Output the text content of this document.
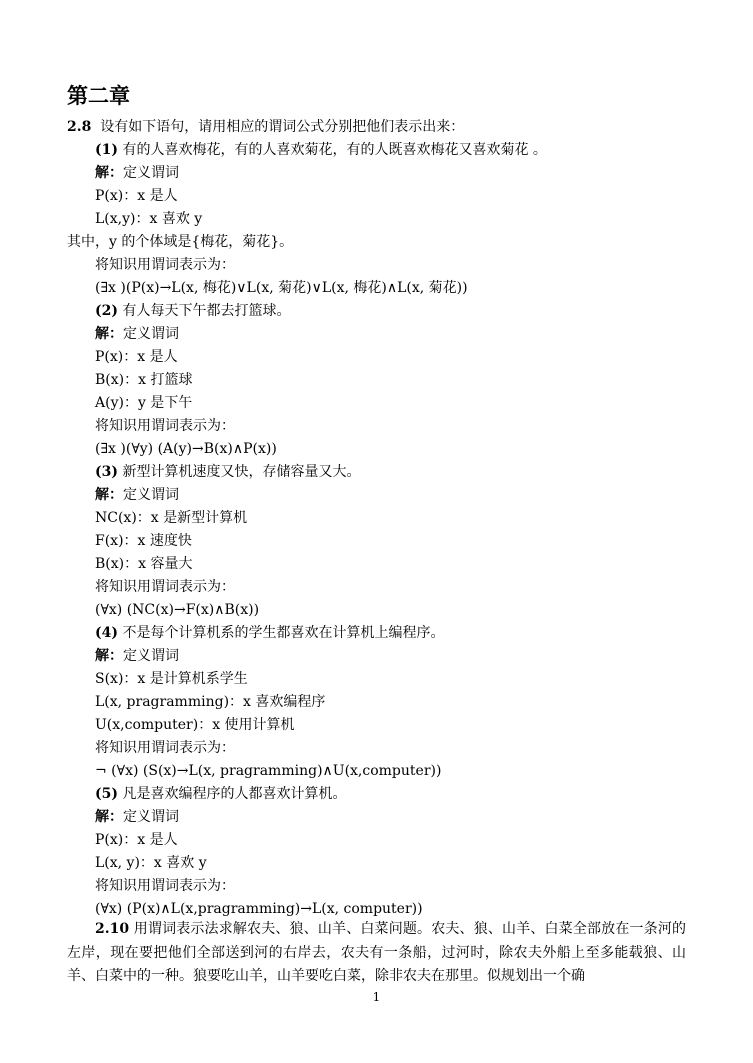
第二章
2.8 设有如下语句，请用相应的谓词公式分别把他们表示出来：
(1) 有的人喜欢梅花，有的人喜欢菊花，有的人既喜欢梅花又喜欢菊花 。
解：定义谓词
P(x)：x 是人
L(x,y)：x 喜欢 y
其中，y 的个体域是{梅花，菊花}。
将知识用谓词表示为：
(∃x )(P(x)→L(x, 梅花)∨L(x, 菊花)∨L(x, 梅花)∧L(x, 菊花))
(2) 有人每天下午都去打篮球。
解：定义谓词
P(x)：x 是人
B(x)：x 打篮球
A(y)：y 是下午
将知识用谓词表示为：
(∃x )(∀y) (A(y)→B(x)∧P(x))
(3) 新型计算机速度又快，存储容量又大。
解：定义谓词
NC(x)：x 是新型计算机
F(x)：x 速度快
B(x)：x 容量大
将知识用谓词表示为：
(∀x) (NC(x)→F(x)∧B(x))
(4) 不是每个计算机系的学生都喜欢在计算机上编程序。
解：定义谓词
S(x)：x 是计算机系学生
L(x, pragramming)：x 喜欢编程序
U(x,computer)：x 使用计算机
将知识用谓词表示为：
¬ (∀x) (S(x)→L(x, pragramming)∧U(x,computer))
(5) 凡是喜欢编程序的人都喜欢计算机。
解：定义谓词
P(x)：x 是人
L(x, y)：x 喜欢 y
将知识用谓词表示为：
(∀x) (P(x)∧L(x,pragramming)→L(x, computer))

2.10 用谓词表示法求解农夫、狼、山羊、白菜问题。农夫、狼、山羊、白菜全部放在一条河的左岸，现在要把他们全部送到河的右岸去，农夫有一条船，过河时，除农夫外船上至多能载狼、山羊、白菜中的一种。狼要吃山羊，山羊要吃白菜，除非农夫在那里。似规划出一个确

1
